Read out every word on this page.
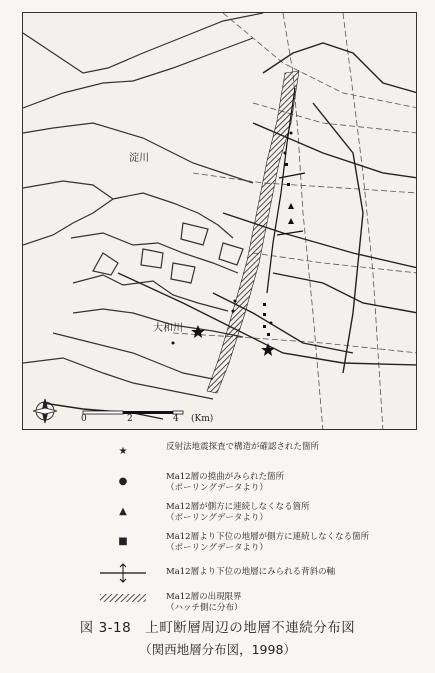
淀川
大和川
0	2	4 (Km)
★	反射法地震探査で構造が確認された箇所
●	Ma12層の撓曲がみられた箇所
（ボーリングデータより）
▲	Ma12層が側方に連続しなくなる箇所
（ボーリングデータより）
■	Ma12層より下位の地層が側方に連続しなくなる箇所
（ボーリングデータより）
Ma12層より下位の地層にみられる背斜の軸
Ma12層の出現限界
（ハッチ側に分布）
図 3-18　上町断層周辺の地層不連続分布図
（関西地層分布図，1998）
